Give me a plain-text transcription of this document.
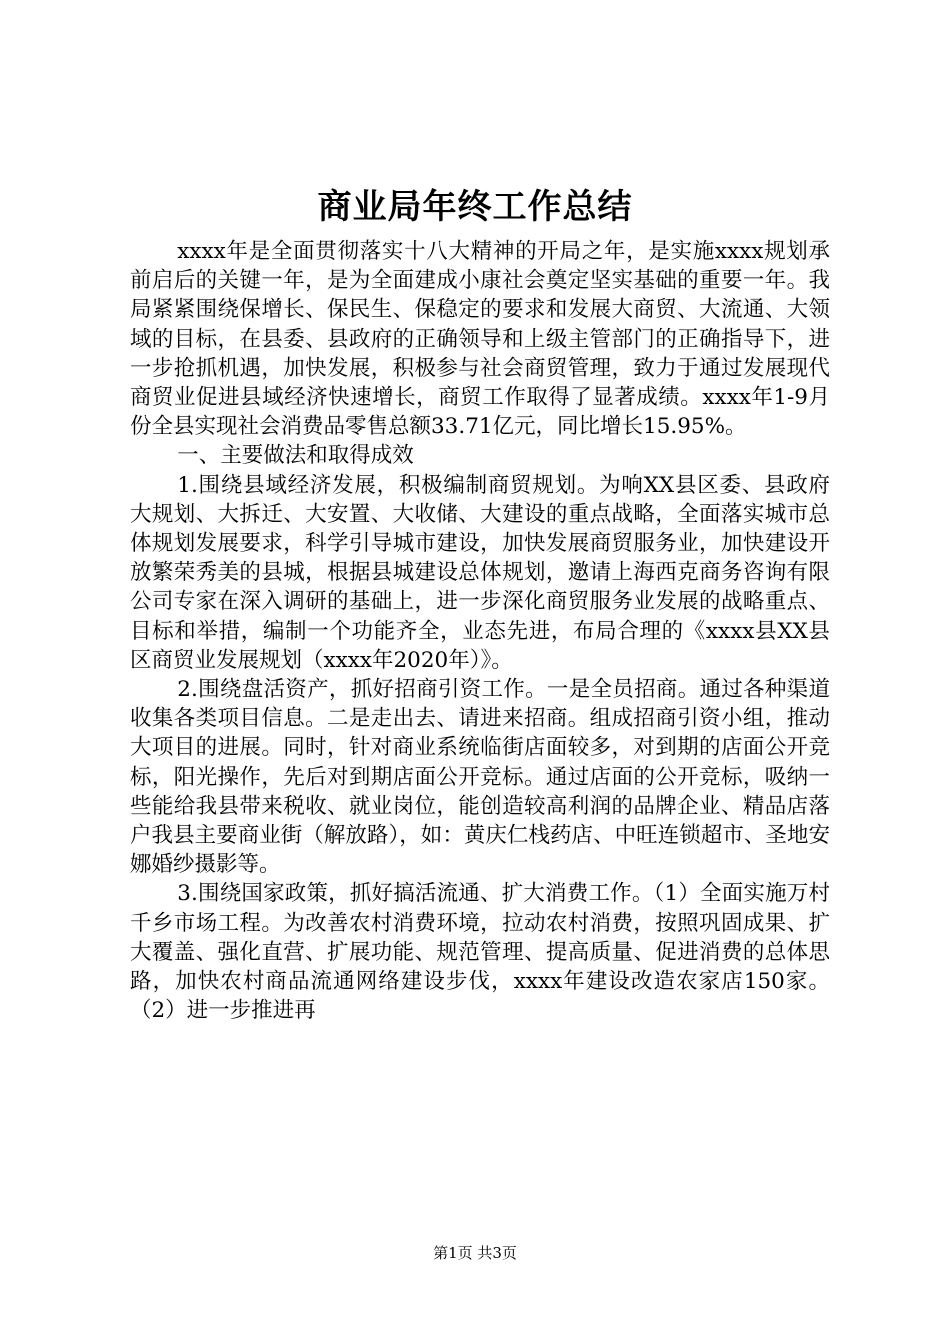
商业局年终工作总结

xxxx年是全面贯彻落实十八大精神的开局之年，是实施xxxx规划承前启后的关键一年，是为全面建成小康社会奠定坚实基础的重要一年。我局紧紧围绕保增长、保民生、保稳定的要求和发展大商贸、大流通、大领域的目标，在县委、县政府的正确领导和上级主管部门的正确指导下，进一步抢抓机遇，加快发展，积极参与社会商贸管理，致力于通过发展现代商贸业促进县域经济快速增长，商贸工作取得了显著成绩。xxxx年1-9月份全县实现社会消费品零售总额33.71亿元，同比增长15.95%。

一、主要做法和取得成效

1.围绕县域经济发展，积极编制商贸规划。为响XX县区委、县政府大规划、大拆迁、大安置、大收储、大建设的重点战略，全面落实城市总体规划发展要求，科学引导城市建设，加快发展商贸服务业，加快建设开放繁荣秀美的县城，根据县城建设总体规划，邀请上海西克商务咨询有限公司专家在深入调研的基础上，进一步深化商贸服务业发展的战略重点、目标和举措，编制一个功能齐全，业态先进，布局合理的《xxxx县XX县区商贸业发展规划（xxxx年2020年）》。

2.围绕盘活资产，抓好招商引资工作。一是全员招商。通过各种渠道收集各类项目信息。二是走出去、请进来招商。组成招商引资小组，推动大项目的进展。同时，针对商业系统临街店面较多，对到期的店面公开竞标，阳光操作，先后对到期店面公开竞标。通过店面的公开竞标，吸纳一些能给我县带来税收、就业岗位，能创造较高利润的品牌企业、精品店落户我县主要商业街（解放路），如：黄庆仁栈药店、中旺连锁超市、圣地安娜婚纱摄影等。

3.围绕国家政策，抓好搞活流通、扩大消费工作。（1）全面实施万村千乡市场工程。为改善农村消费环境，拉动农村消费，按照巩固成果、扩大覆盖、强化直营、扩展功能、规范管理、提高质量、促进消费的总体思路，加快农村商品流通网络建设步伐，xxxx年建设改造农家店150家。（2）进一步推进再

第1页 共3页
